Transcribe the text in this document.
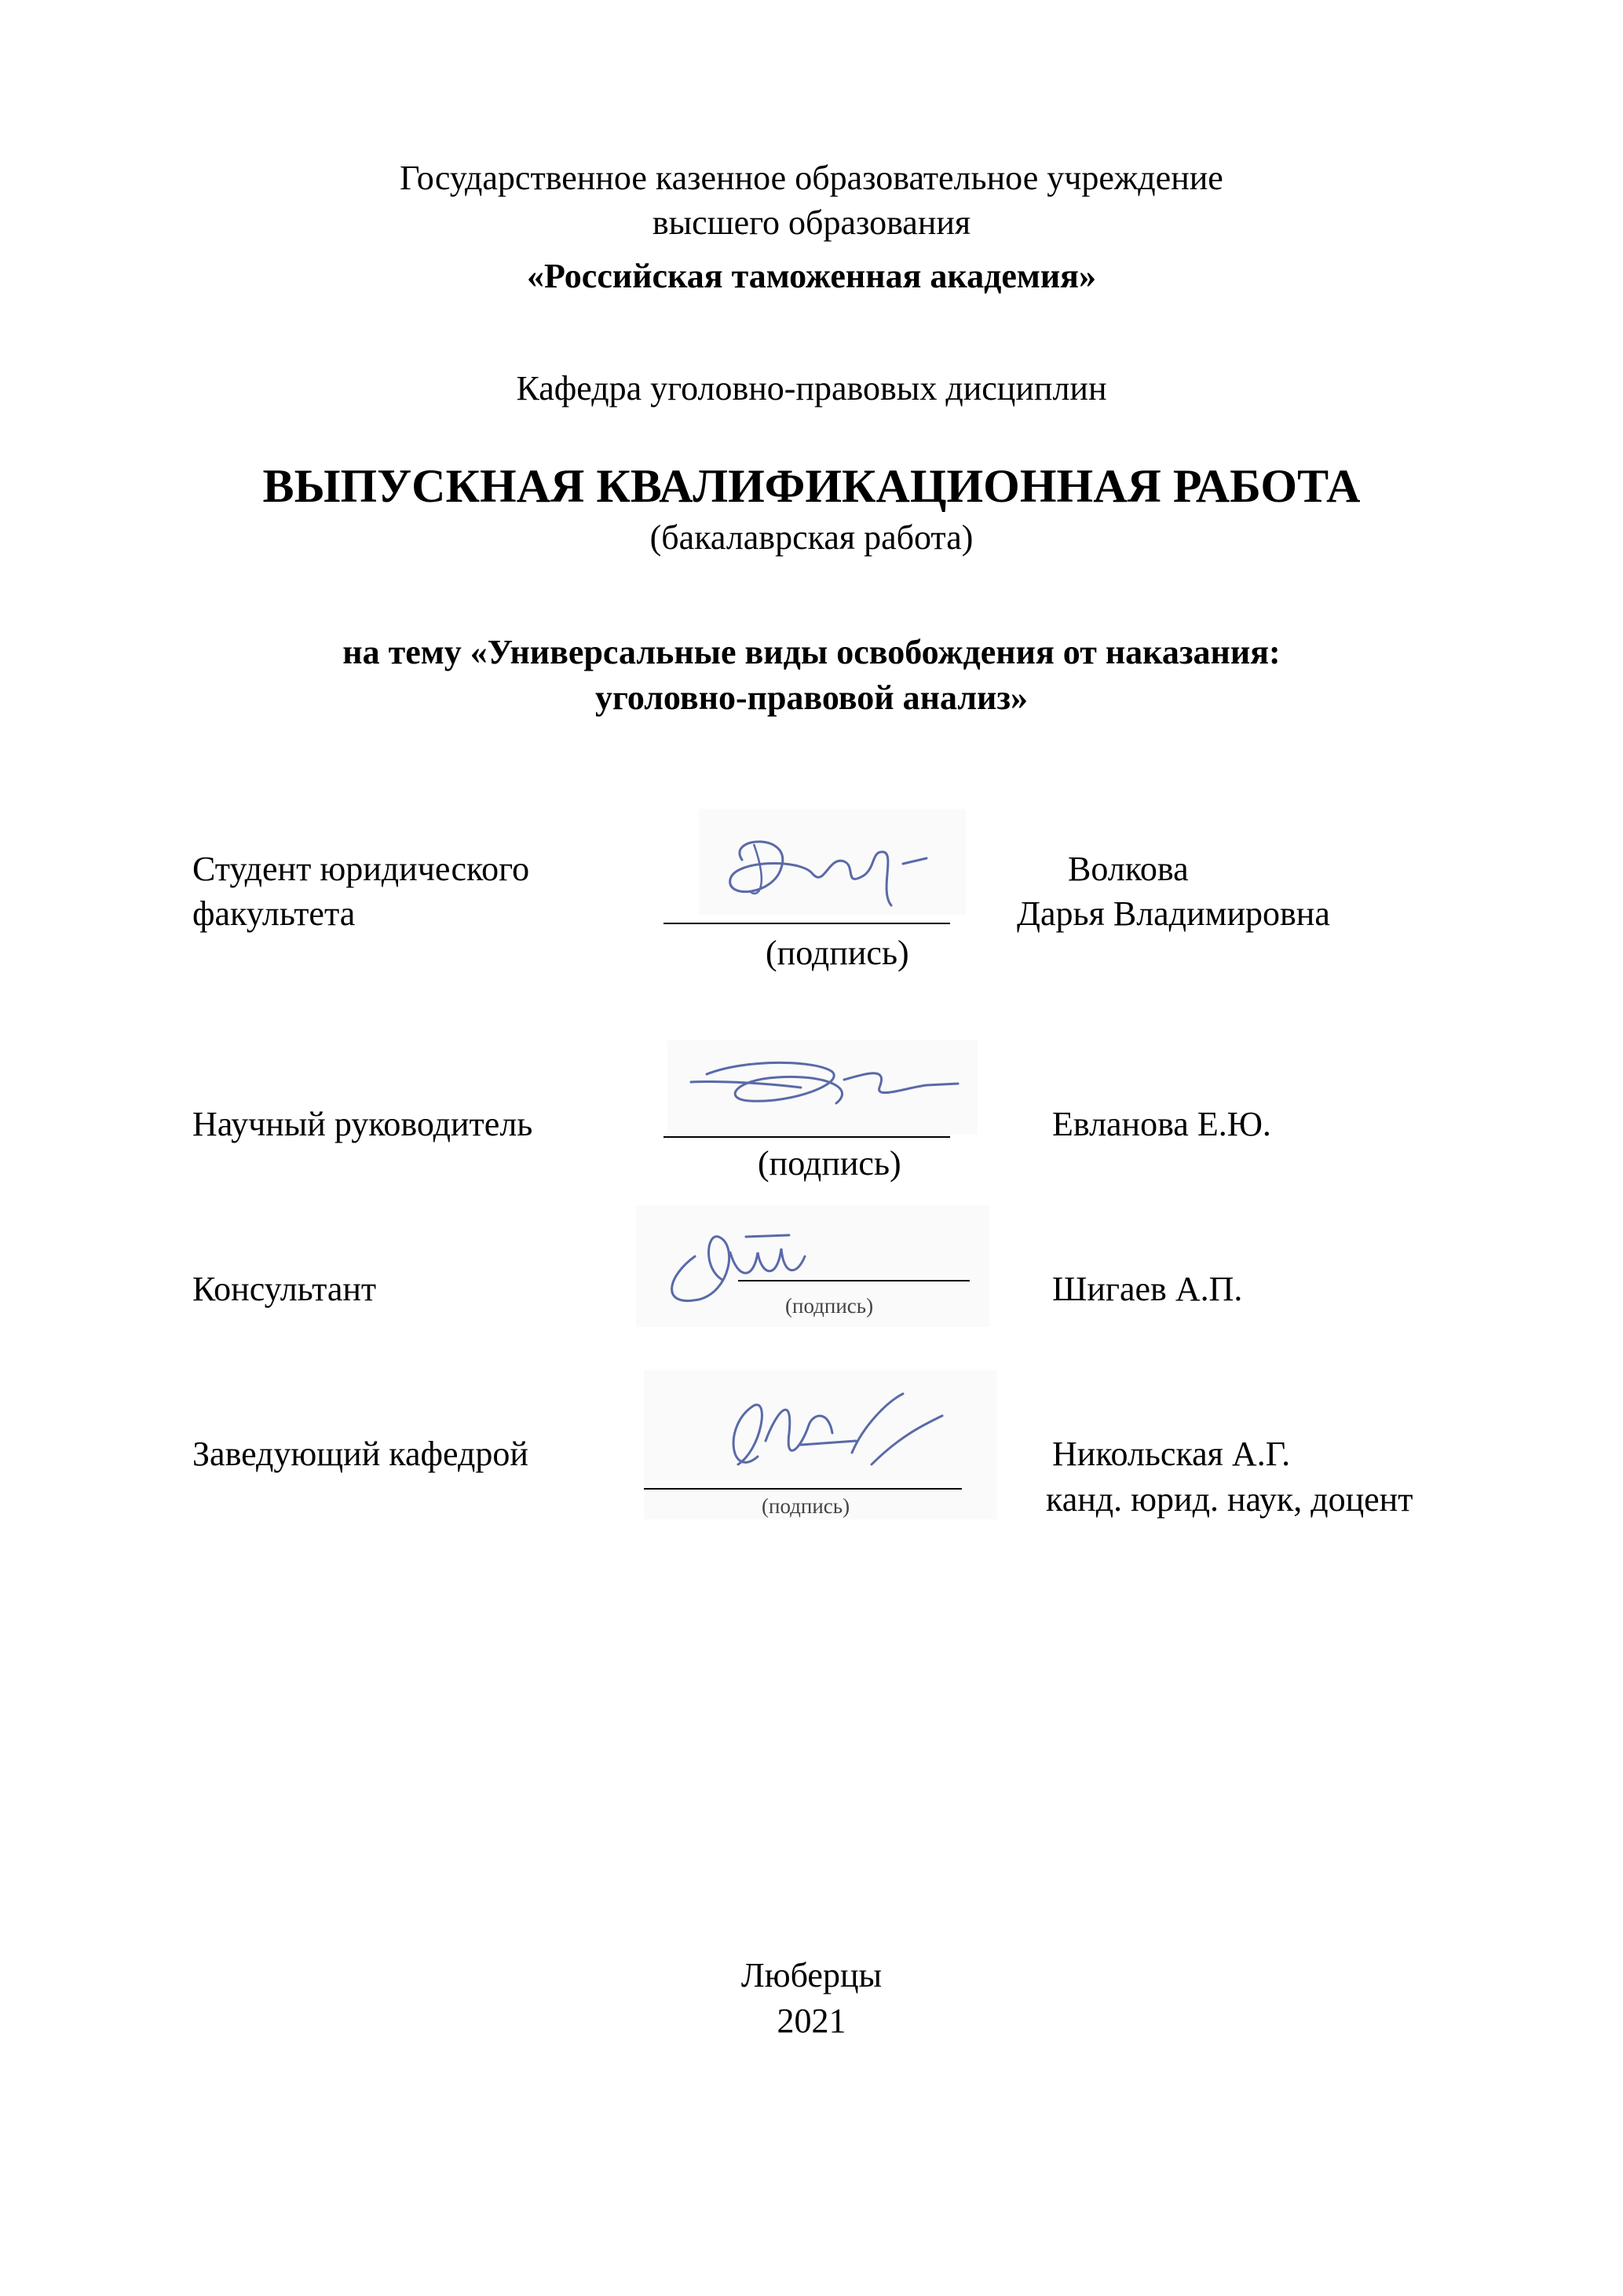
Государственное казенное образовательное учреждение
высшего образования
«Российская таможенная академия»
Кафедра уголовно-правовых дисциплин
ВЫПУСКНАЯ КВАЛИФИКАЦИОННАЯ РАБОТА
(бакалаврская работа)
на тему «Универсальные виды освобождения от наказания:
уголовно-правовой анализ»
Студент юридического
факультета
(подпись)
Волкова
Дарья Владимировна
Научный руководитель
(подпись)
Евланова Е.Ю.
Консультант	(подпись)	Шигаев А.П.
Заведующий кафедрой
(подпись)
Никольская А.Г.
канд. юрид. наук, доцент
Люберцы
2021
